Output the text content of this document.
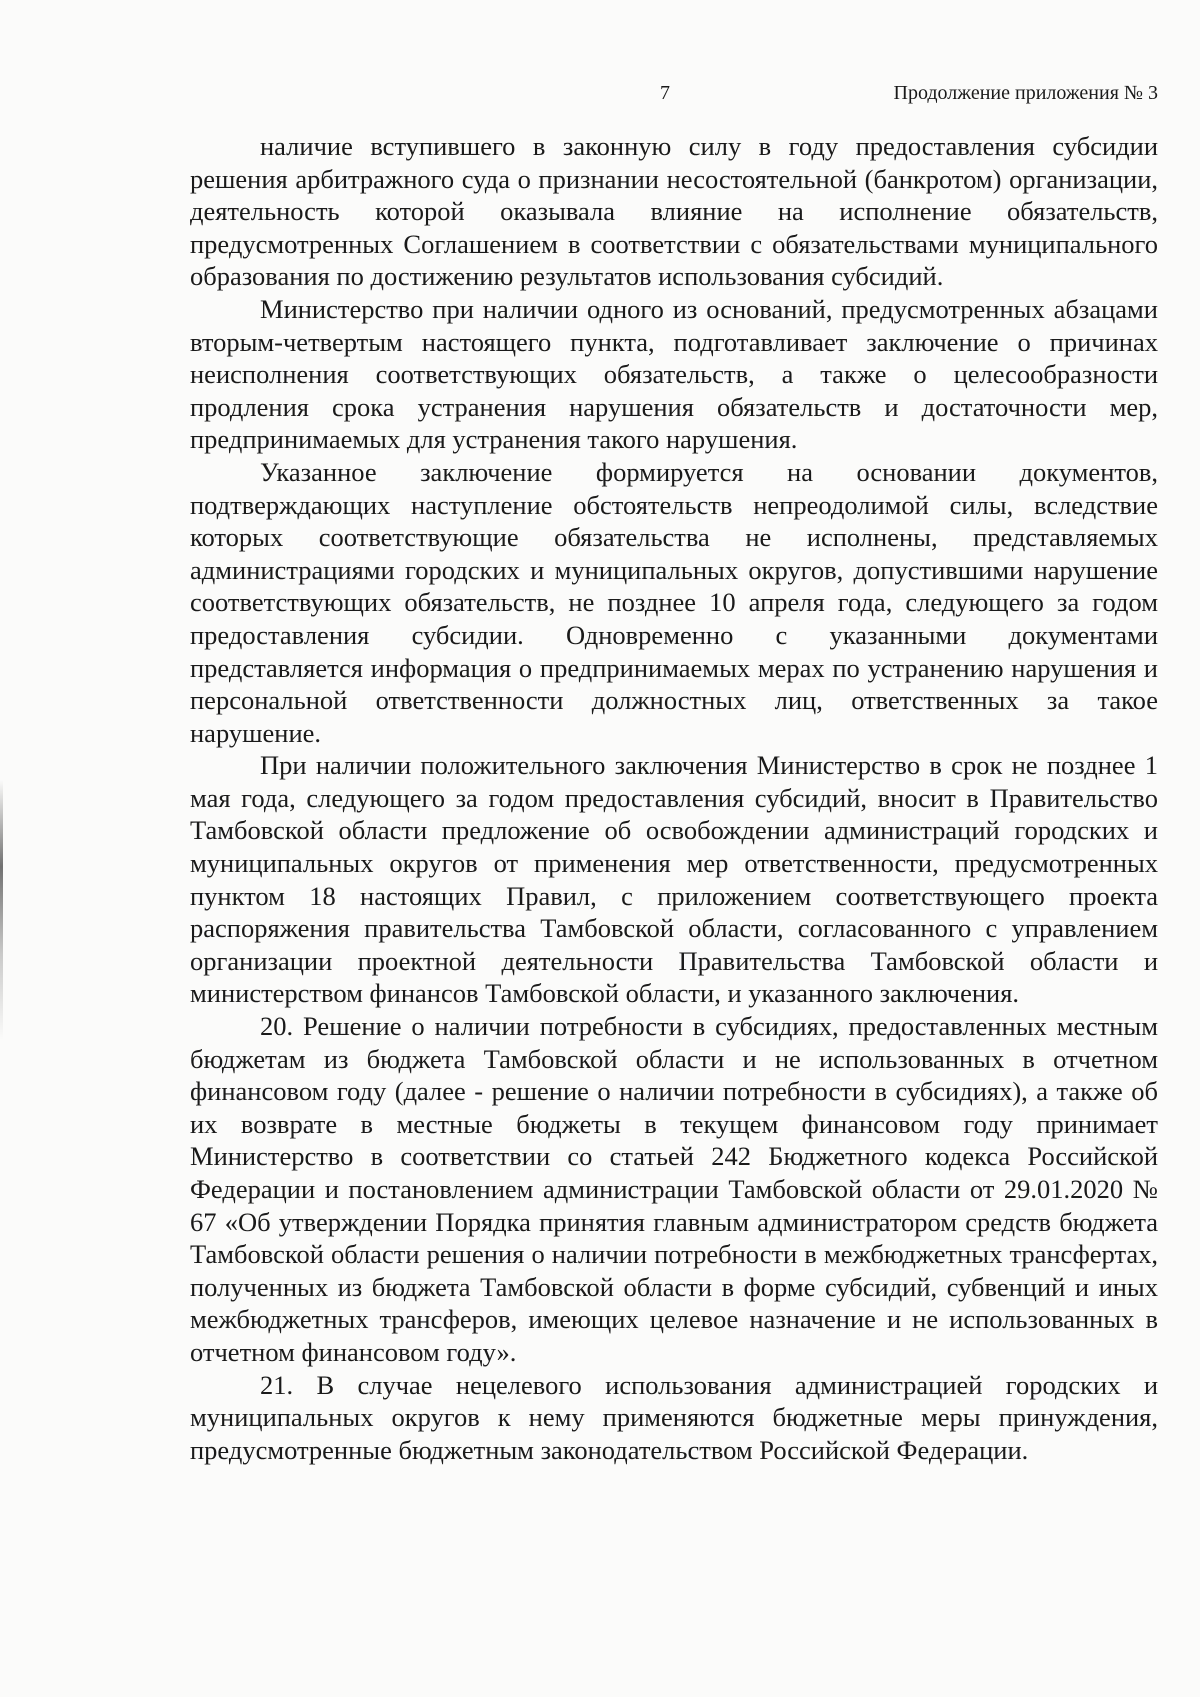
7	Продолжение приложения № 3

наличие вступившего в законную силу в году предоставления субсидии решения арбитражного суда о признании несостоятельной (банкротом) организации, деятельность которой оказывала влияние на исполнение обязательств, предусмотренных Соглашением в соответствии с обязательствами муниципального образования по достижению результатов использования субсидий.

Министерство при наличии одного из оснований, предусмотренных абзацами вторым-четвертым настоящего пункта, подготавливает заключение о причинах неисполнения соответствующих обязательств, а также о целесообразности продления срока устранения нарушения обязательств и достаточности мер, предпринимаемых для устранения такого нарушения.

Указанное заключение формируется на основании документов, подтверждающих наступление обстоятельств непреодолимой силы, вследствие которых соответствующие обязательства не исполнены, представляемых администрациями городских и муниципальных округов, допустившими нарушение соответствующих обязательств, не позднее 10 апреля года, следующего за годом предоставления субсидии. Одновременно с указанными документами представляется информация о предпринимаемых мерах по устранению нарушения и персональной ответственности должностных лиц, ответственных за такое нарушение.

При наличии положительного заключения Министерство в срок не позднее 1 мая года, следующего за годом предоставления субсидий, вносит в Правительство Тамбовской области предложение об освобождении администраций городских и муниципальных округов от применения мер ответственности, предусмотренных пунктом 18 настоящих Правил, с приложением соответствующего проекта распоряжения правительства Тамбовской области, согласованного с управлением организации проектной деятельности Правительства Тамбовской области и министерством финансов Тамбовской области, и указанного заключения.

20. Решение о наличии потребности в субсидиях, предоставленных местным бюджетам из бюджета Тамбовской области и не использованных в отчетном финансовом году (далее - решение о наличии потребности в субсидиях), а также об их возврате в местные бюджеты в текущем финансовом году принимает Министерство в соответствии со статьей 242 Бюджетного кодекса Российской Федерации и постановлением администрации Тамбовской области от 29.01.2020 № 67 «Об утверждении Порядка принятия главным администратором средств бюджета Тамбовской области решения о наличии потребности в межбюджетных трансфертах, полученных из бюджета Тамбовской области в форме субсидий, субвенций и иных межбюджетных трансферов, имеющих целевое назначение и не использованных в отчетном финансовом году».

21. В случае нецелевого использования администрацией городских и муниципальных округов к нему применяются бюджетные меры принуждения, предусмотренные бюджетным законодательством Российской Федерации.
